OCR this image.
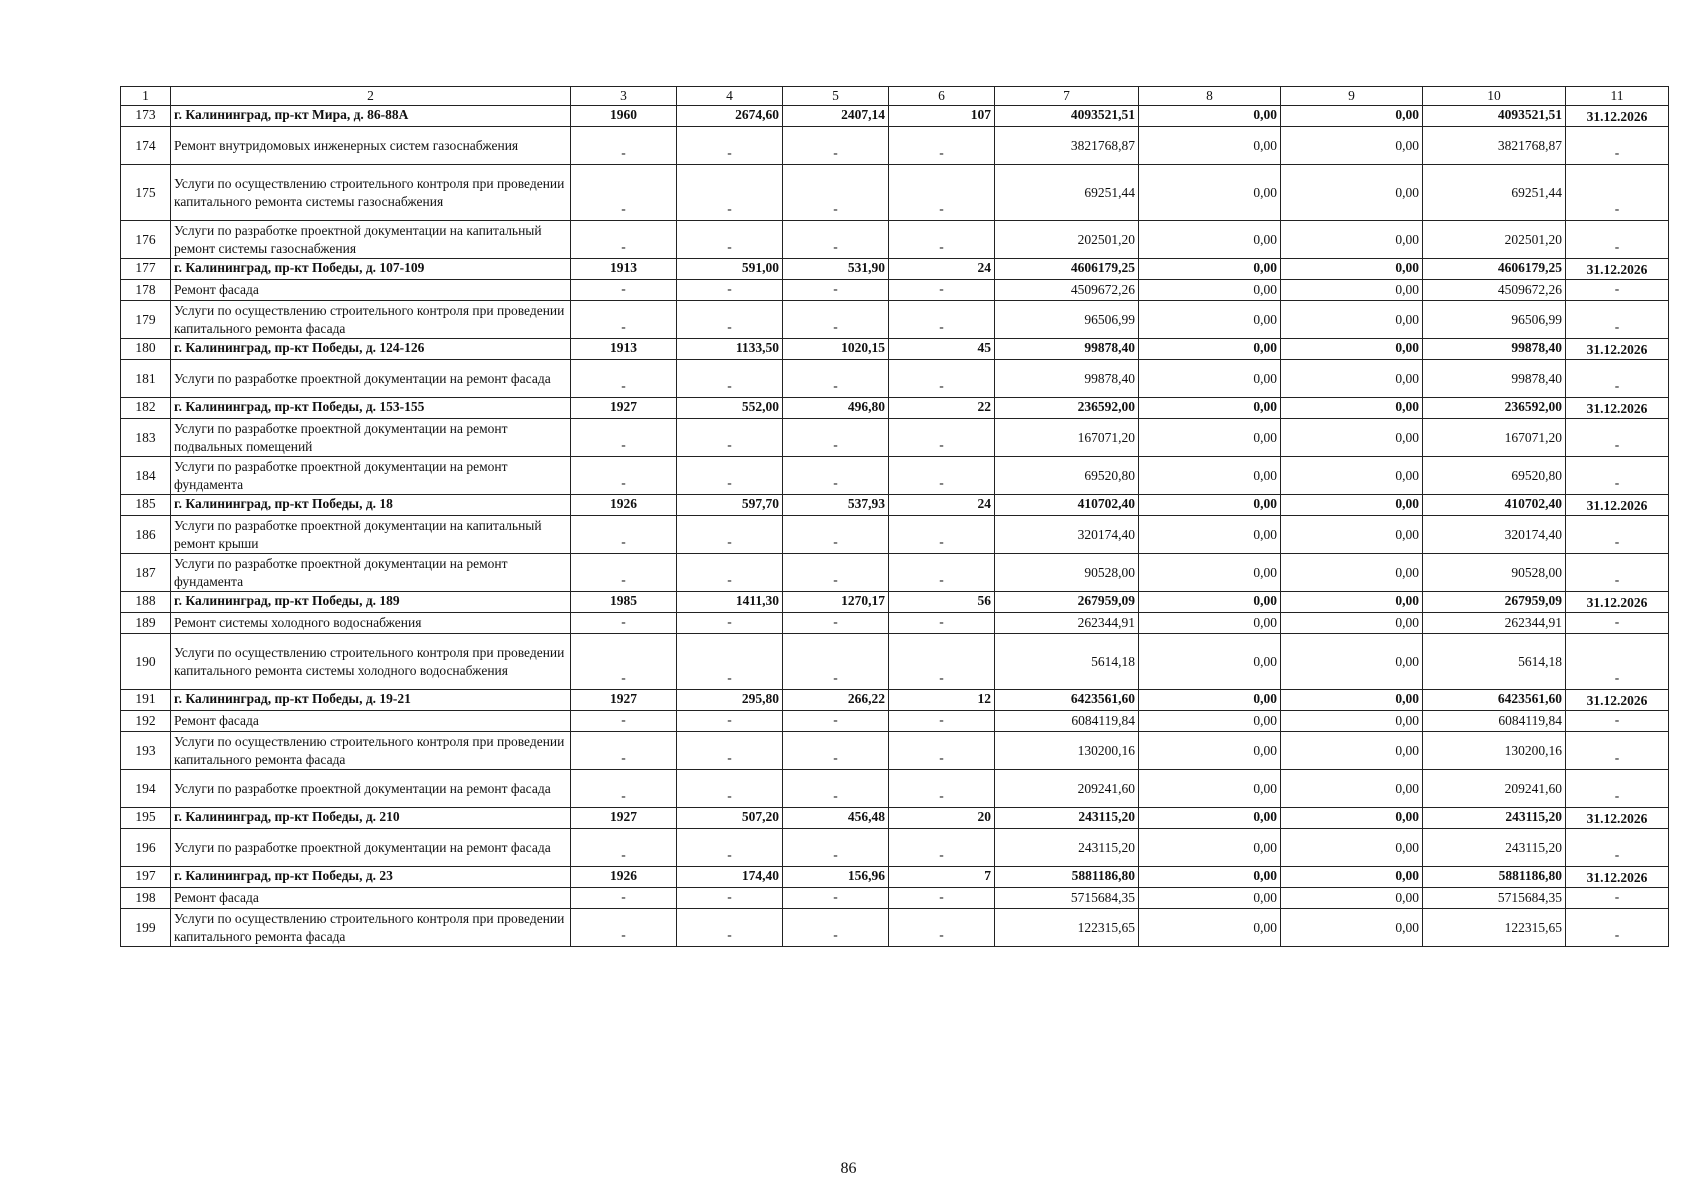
1	2	3	4	5	6	7	8	9	10	11
173	г. Калининград, пр-кт Мира, д. 86-88А	1960	2674,60	2407,14	107	4093521,51	0,00	0,00	4093521,51	31.12.2026
174	Ремонт внутридомовых инженерных систем газоснабжения	-	-	-	-	3821768,87	0,00	0,00	3821768,87	-
175	Услуги по осуществлению строительного контроля при проведении капитального ремонта системы газоснабжения	-	-	-	-	69251,44	0,00	0,00	69251,44	-
176	Услуги по разработке проектной документации на капитальный ремонт системы газоснабжения	-	-	-	-	202501,20	0,00	0,00	202501,20	-
177	г. Калининград, пр-кт Победы, д. 107-109	1913	591,00	531,90	24	4606179,25	0,00	0,00	4606179,25	31.12.2026
178	Ремонт фасада	-	-	-	-	4509672,26	0,00	0,00	4509672,26	-
179	Услуги по осуществлению строительного контроля при проведении капитального ремонта фасада	-	-	-	-	96506,99	0,00	0,00	96506,99	-
180	г. Калининград, пр-кт Победы, д. 124-126	1913	1133,50	1020,15	45	99878,40	0,00	0,00	99878,40	31.12.2026
181	Услуги по разработке проектной документации на ремонт фасада	-	-	-	-	99878,40	0,00	0,00	99878,40	-
182	г. Калининград, пр-кт Победы, д. 153-155	1927	552,00	496,80	22	236592,00	0,00	0,00	236592,00	31.12.2026
183	Услуги по разработке проектной документации на ремонт подвальных помещений	-	-	-	-	167071,20	0,00	0,00	167071,20	-
184	Услуги по разработке проектной документации на ремонт фундамента	-	-	-	-	69520,80	0,00	0,00	69520,80	-
185	г. Калининград, пр-кт Победы, д. 18	1926	597,70	537,93	24	410702,40	0,00	0,00	410702,40	31.12.2026
186	Услуги по разработке проектной документации на капитальный ремонт крыши	-	-	-	-	320174,40	0,00	0,00	320174,40	-
187	Услуги по разработке проектной документации на ремонт фундамента	-	-	-	-	90528,00	0,00	0,00	90528,00	-
188	г. Калининград, пр-кт Победы, д. 189	1985	1411,30	1270,17	56	267959,09	0,00	0,00	267959,09	31.12.2026
189	Ремонт системы холодного водоснабжения	-	-	-	-	262344,91	0,00	0,00	262344,91	-
190	Услуги по осуществлению строительного контроля при проведении капитального ремонта системы холодного водоснабжения	-	-	-	-	5614,18	0,00	0,00	5614,18	-
191	г. Калининград, пр-кт Победы, д. 19-21	1927	295,80	266,22	12	6423561,60	0,00	0,00	6423561,60	31.12.2026
192	Ремонт фасада	-	-	-	-	6084119,84	0,00	0,00	6084119,84	-
193	Услуги по осуществлению строительного контроля при проведении капитального ремонта фасада	-	-	-	-	130200,16	0,00	0,00	130200,16	-
194	Услуги по разработке проектной документации на ремонт фасада	-	-	-	-	209241,60	0,00	0,00	209241,60	-
195	г. Калининград, пр-кт Победы, д. 210	1927	507,20	456,48	20	243115,20	0,00	0,00	243115,20	31.12.2026
196	Услуги по разработке проектной документации на ремонт фасада	-	-	-	-	243115,20	0,00	0,00	243115,20	-
197	г. Калининград, пр-кт Победы, д. 23	1926	174,40	156,96	7	5881186,80	0,00	0,00	5881186,80	31.12.2026
198	Ремонт фасада	-	-	-	-	5715684,35	0,00	0,00	5715684,35	-
199	Услуги по осуществлению строительного контроля при проведении капитального ремонта фасада	-	-	-	-	122315,65	0,00	0,00	122315,65	-
86
